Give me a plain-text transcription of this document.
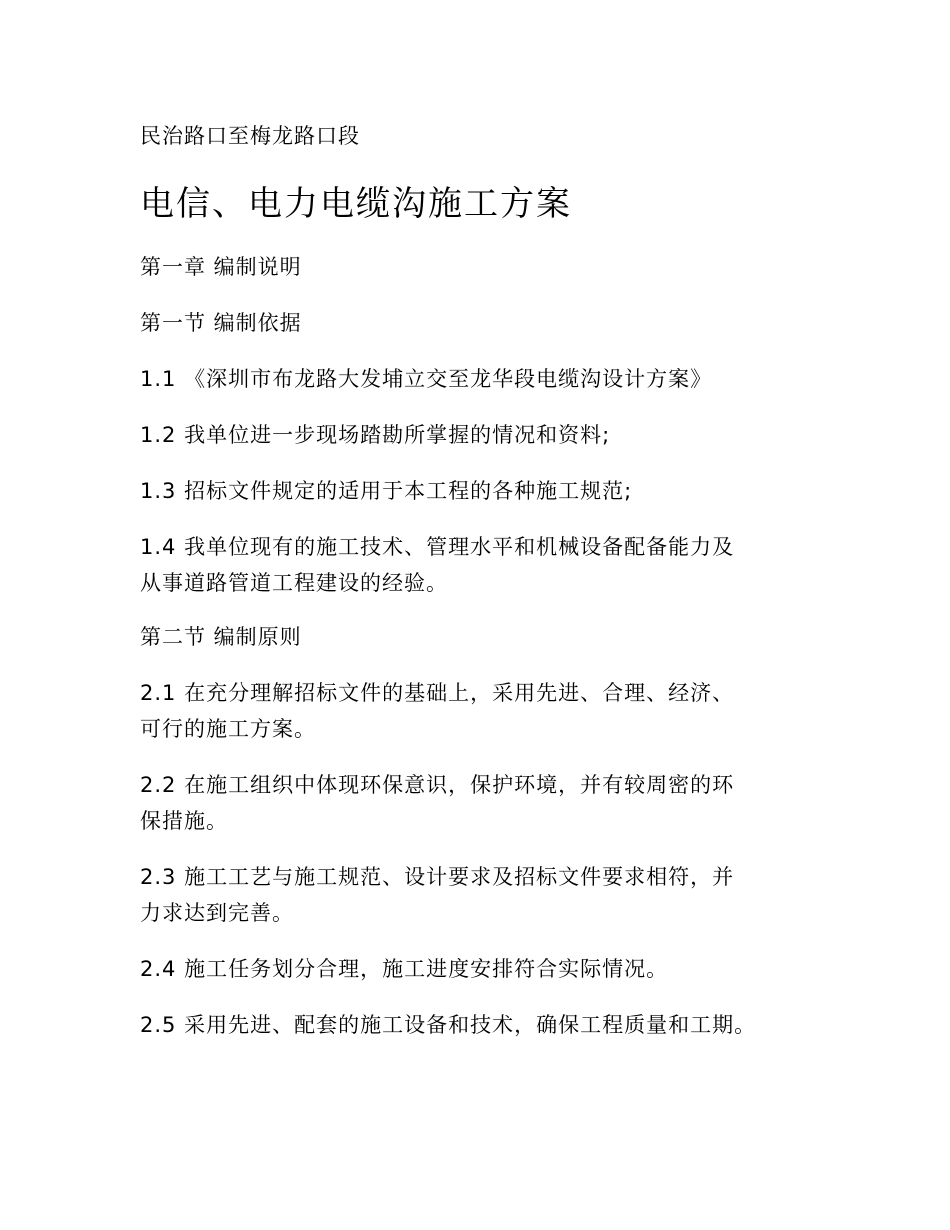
民治路口至梅龙路口段

电信、电力电缆沟施工方案

第一章 编制说明

第一节 编制依据

1.1 《深圳市布龙路大发埔立交至龙华段电缆沟设计方案》

1.2 我单位进一步现场踏勘所掌握的情况和资料;

1.3 招标文件规定的适用于本工程的各种施工规范;

1.4 我单位现有的施工技术、管理水平和机械设备配备能力及

从事道路管道工程建设的经验。

第二节 编制原则

2.1 在充分理解招标文件的基础上，采用先进、合理、经济、

可行的施工方案。

2.2 在施工组织中体现环保意识，保护环境，并有较周密的环

保措施。

2.3 施工工艺与施工规范、设计要求及招标文件要求相符，并

力求达到完善。

2.4 施工任务划分合理，施工进度安排符合实际情况。

2.5 采用先进、配套的施工设备和技术，确保工程质量和工期。
